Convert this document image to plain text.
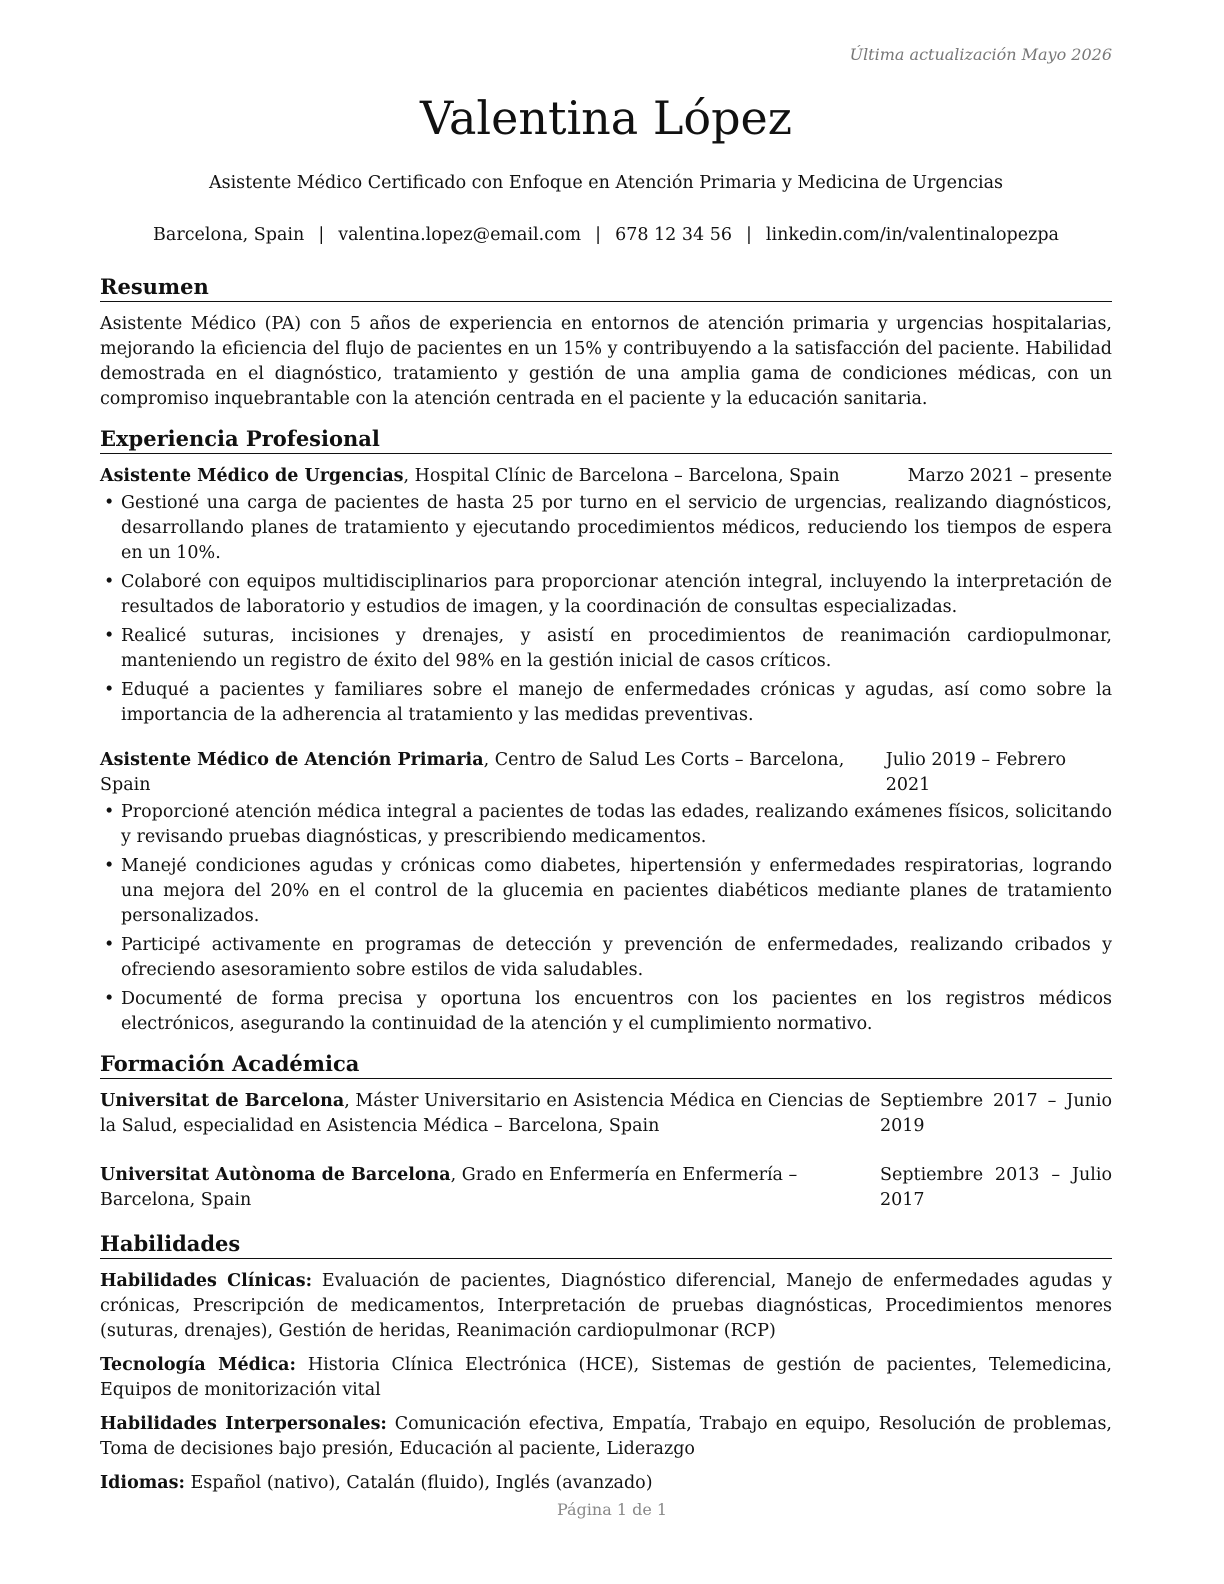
Última actualización Mayo 2026
Valentina López
Asistente Médico Certificado con Enfoque en Atención Primaria y Medicina de Urgencias
Barcelona, Spain | valentina.lopez@email.com | 678 12 34 56 | linkedin.com/in/valentinalopezpa
Resumen

Asistente Médico (PA) con 5 años de experiencia en entornos de atención primaria y urgencias hospitalarias, mejorando la eficiencia del flujo de pacientes en un 15% y contribuyendo a la satisfacción del paciente. Habilidad demostrada en el diagnóstico, tratamiento y gestión de una amplia gama de condiciones médicas, con un compromiso inquebrantable con la atención centrada en el paciente y la educación sanitaria.

Experiencia Profesional
Asistente Médico de Urgencias, Hospital Clínic de Barcelona – Barcelona, Spain	Marzo 2021 – presente
• Gestioné una carga de pacientes de hasta 25 por turno en el servicio de urgencias, realizando diagnósticos, desarrollando planes de tratamiento y ejecutando procedimientos médicos, reduciendo los tiempos de espera en un 10%.
• Colaboré con equipos multidisciplinarios para proporcionar atención integral, incluyendo la interpretación de resultados de laboratorio y estudios de imagen, y la coordinación de consultas especializadas.
• Realicé suturas, incisiones y drenajes, y asistí en procedimientos de reanimación cardiopulmonar, manteniendo un registro de éxito del 98% en la gestión inicial de casos críticos.
• Eduqué a pacientes y familiares sobre el manejo de enfermedades crónicas y agudas, así como sobre la importancia de la adherencia al tratamiento y las medidas preventivas.
Asistente Médico de Atención Primaria, Centro de Salud Les Corts – Barcelona, Spain
Julio 2019 – Febrero 2021
• Proporcioné atención médica integral a pacientes de todas las edades, realizando exámenes físicos, solicitando y revisando pruebas diagnósticas, y prescribiendo medicamentos.
• Manejé condiciones agudas y crónicas como diabetes, hipertensión y enfermedades respiratorias, logrando una mejora del 20% en el control de la glucemia en pacientes diabéticos mediante planes de tratamiento personalizados.
• Participé activamente en programas de detección y prevención de enfermedades, realizando cribados y ofreciendo asesoramiento sobre estilos de vida saludables.
• Documenté de forma precisa y oportuna los encuentros con los pacientes en los registros médicos electrónicos, asegurando la continuidad de la atención y el cumplimiento normativo.
Formación Académica
Universitat de Barcelona, Máster Universitario en Asistencia Médica en Ciencias de la Salud, especialidad en Asistencia Médica – Barcelona, Spain
Septiembre 2017 – Junio 2019
Universitat Autònoma de Barcelona, Grado en Enfermería en Enfermería – Barcelona, Spain
Septiembre 2013 – Julio 2017
Habilidades
Habilidades Clínicas: Evaluación de pacientes, Diagnóstico diferencial, Manejo de enfermedades agudas y crónicas, Prescripción de medicamentos, Interpretación de pruebas diagnósticas, Procedimientos menores (suturas, drenajes), Gestión de heridas, Reanimación cardiopulmonar (RCP)
Tecnología Médica: Historia Clínica Electrónica (HCE), Sistemas de gestión de pacientes, Telemedicina, Equipos de monitorización vital
Habilidades Interpersonales: Comunicación efectiva, Empatía, Trabajo en equipo, Resolución de problemas, Toma de decisiones bajo presión, Educación al paciente, Liderazgo
Idiomas: Español (nativo), Catalán (fluido), Inglés (avanzado)
Página 1 de 1
